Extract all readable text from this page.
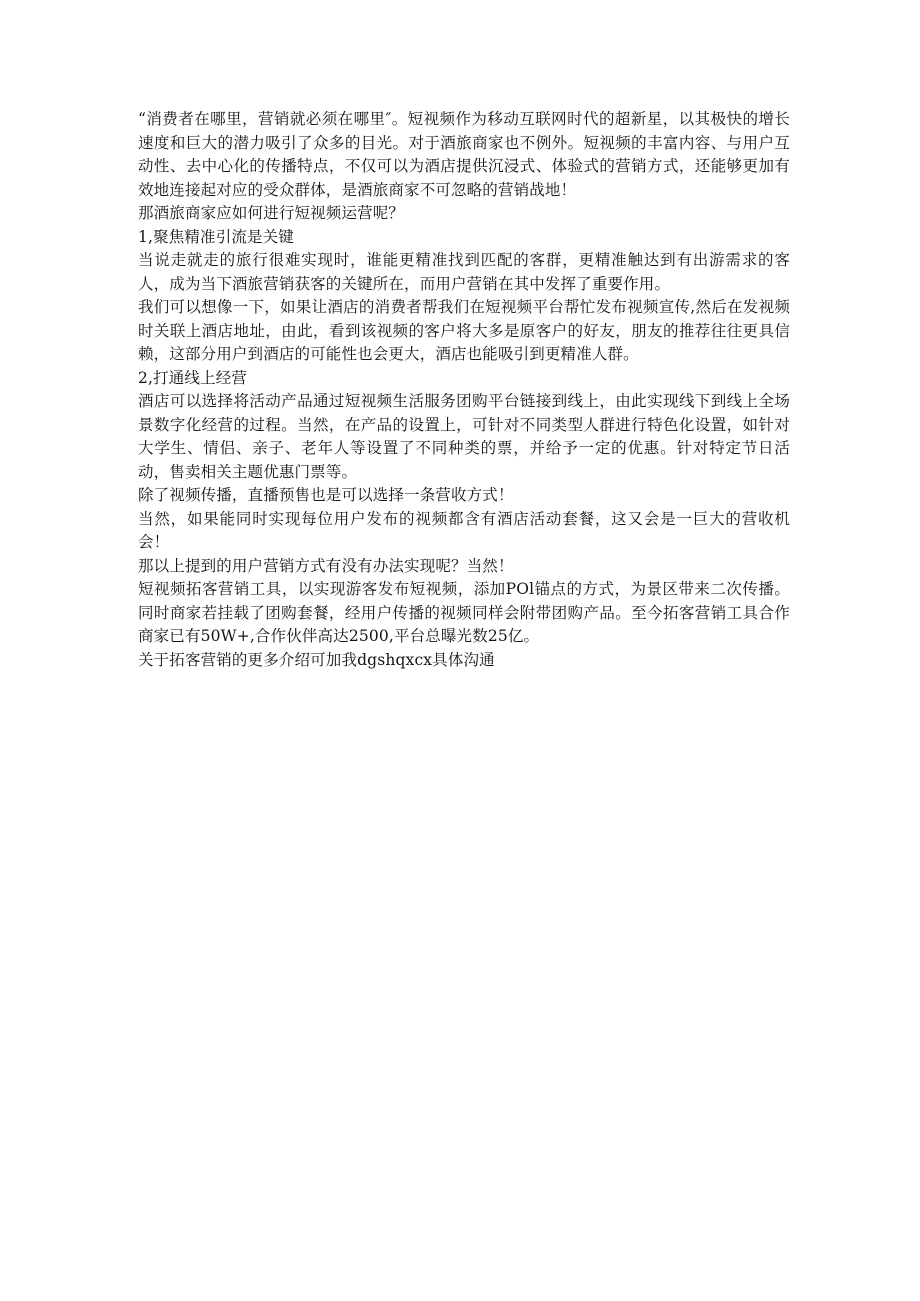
“消费者在哪里，营销就必须在哪里″。短视频作为移动互联网时代的超新星，以其极快的增长速度和巨大的潜力吸引了众多的目光。对于酒旅商家也不例外。短视频的丰富内容、与用户互动性、去中心化的传播特点，不仅可以为酒店提供沉浸式、体验式的营销方式，还能够更加有效地连接起对应的受众群体，是酒旅商家不可忽略的营销战地！

那酒旅商家应如何进行短视频运营呢？

1,聚焦精准引流是关键

当说走就走的旅行很难实现时，谁能更精准找到匹配的客群，更精准触达到有出游需求的客人，成为当下酒旅营销获客的关键所在，而用户营销在其中发挥了重要作用。

我们可以想像一下，如果让酒店的消费者帮我们在短视频平台帮忙发布视频宣传,然后在发视频时关联上酒店地址，由此，看到该视频的客户将大多是原客户的好友，朋友的推荐往往更具信赖，这部分用户到酒店的可能性也会更大，酒店也能吸引到更精准人群。

2,打通线上经营

酒店可以选择将活动产品通过短视频生活服务团购平台链接到线上，由此实现线下到线上全场景数字化经营的过程。当然，在产品的设置上，可针对不同类型人群进行特色化设置，如针对大学生、情侣、亲子、老年人等设置了不同种类的票，并给予一定的优惠。针对特定节日活动，售卖相关主题优惠门票等。

除了视频传播，直播预售也是可以选择一条营收方式！

当然，如果能同时实现每位用户发布的视频都含有酒店活动套餐，这又会是一巨大的营收机会！

那以上提到的用户营销方式有没有办法实现呢？当然！

短视频拓客营销工具，以实现游客发布短视频，添加POl锚点的方式，为景区带来二次传播。同时商家若挂载了团购套餐，经用户传播的视频同样会附带团购产品。至今拓客营销工具合作商家已有50W+,合作伙伴高达2500,平台总曝光数25亿。

关于拓客营销的更多介绍可加我dgshqxcx具体沟通
